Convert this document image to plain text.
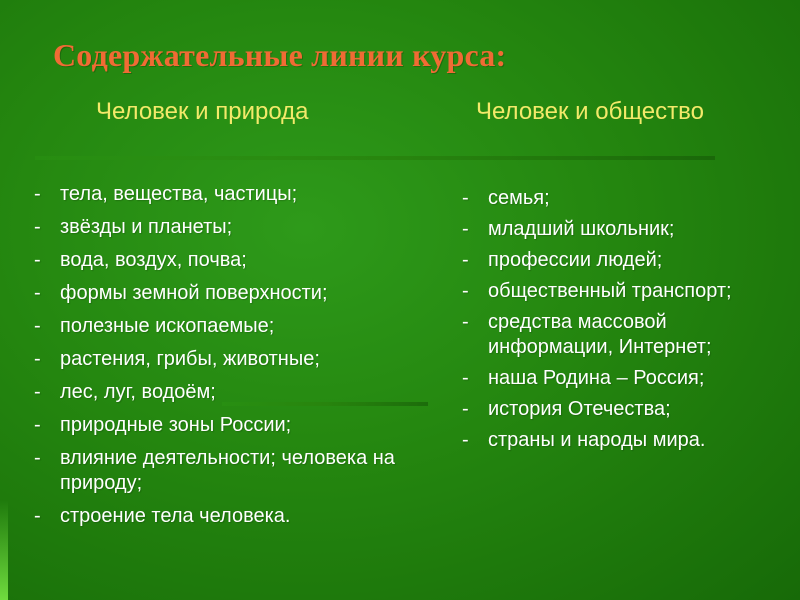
Содержательные линии курса:
Человек и природа	Человек и общество
- тела, вещества, частицы;
- звёзды и планеты;
- вода, воздух, почва;
- формы земной поверхности;
- полезные ископаемые;
- растения, грибы, животные;
- лес, луг, водоём;
- природные зоны России;
- влияние деятельности; человека на природу;
- строение тела человека.
- семья;
- младший школьник;
- профессии людей;
- общественный транспорт;
- средства массовой информации, Интернет;
- наша Родина – Россия;
- история Отечества;
- страны и народы мира.
